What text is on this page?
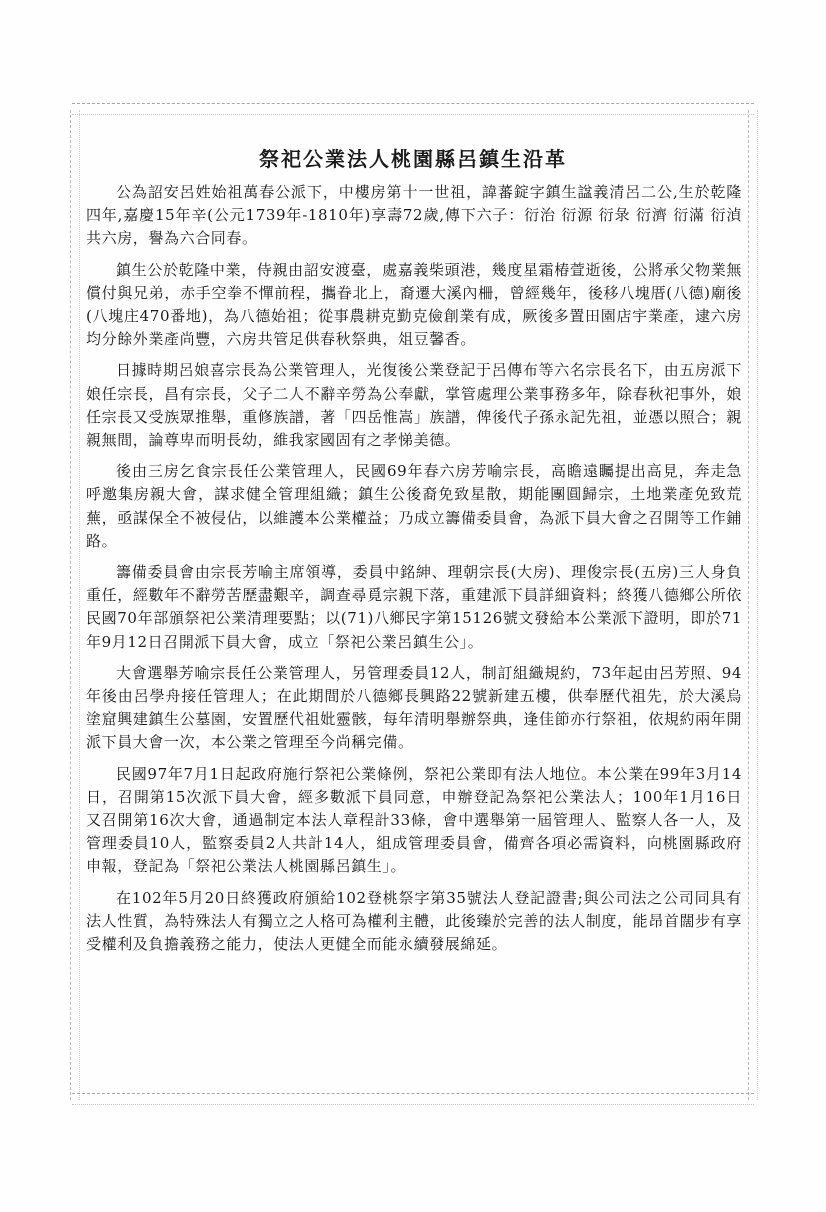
祭祀公業法人桃園縣呂鎮生沿革

公為詔安呂姓始祖萬春公派下，中樓房第十一世祖，諱蕃錠字鎮生諡義清呂二公,生於乾隆四年,嘉慶15年辛(公元1739年-1810年)享壽72歲,傳下六子：衍治 衍源 衍彔 衍濟 衍滿 衍湞共六房，譽為六合同春。

鎮生公於乾隆中業，侍親由詔安渡臺，處嘉義柴頭港，幾度星霜椿萱逝後，公將承父物業無償付與兄弟，赤手空拳不憚前程，攜眷北上，裔遷大溪內柵，曾經幾年，後移八塊厝(八德)廟後(八塊庄470番地)，為八德始祖；從事農耕克勤克儉創業有成，厥後多置田園店宇業產，逮六房均分餘外業產尚豐，六房共管足供春秋祭典，俎豆馨香。

日據時期呂娘喜宗長為公業管理人，光復後公業登記于呂傳布等六名宗長名下，由五房派下娘任宗長，昌有宗長，父子二人不辭辛勞為公奉獻，掌管處理公業事務多年，除春秋祀事外，娘任宗長又受族眾推舉，重修族譜，著「四岳惟嵩」族譜，俾後代子孫永記先祖，並憑以照合；親親無間，論尊卑而明長幼，維我家國固有之孝悌美德。

後由三房乞食宗長任公業管理人，民國69年春六房芳喻宗長，高瞻遠矚提出高見，奔走急呼邀集房親大會，謀求健全管理組織；鎮生公後裔免致星散，期能團圓歸宗，土地業產免致荒蕪，亟謀保全不被侵佔，以維護本公業權益；乃成立籌備委員會，為派下員大會之召開等工作鋪路。

籌備委員會由宗長芳喻主席領導，委員中銘紳、理朝宗長(大房)、理俊宗長(五房)三人身負重任，經數年不辭勞苦歷盡艱辛，調查尋覓宗親下落，重建派下員詳細資料；終獲八德鄉公所依民國70年部頒祭祀公業清理要點；以(71)八鄉民字第15126號文發給本公業派下證明，即於71年9月12日召開派下員大會，成立「祭祀公業呂鎮生公」。

大會選舉芳喻宗長任公業管理人，另管理委員12人，制訂組織規約，73年起由呂芳照、94年後由呂學舟接任管理人；在此期間於八德鄉長興路22號新建五樓，供奉歷代祖先，於大溪烏塗窟興建鎮生公墓園，安置歷代祖妣靈骸，每年清明舉辦祭典，逢佳節亦行祭祖，依規約兩年開派下員大會一次，本公業之管理至今尚稱完備。

民國97年7月1日起政府施行祭祀公業條例，祭祀公業即有法人地位。本公業在99年3月14日，召開第15次派下員大會，經多數派下員同意，申辦登記為祭祀公業法人；100年1月16日又召開第16次大會，通過制定本法人章程計33條，會中選舉第一屆管理人、監察人各一人，及管理委員10人，監察委員2人共計14人，組成管理委員會，備齊各項必需資料，向桃園縣政府申報，登記為「祭祀公業法人桃園縣呂鎮生」。

在102年5月20日終獲政府頒給102登桃祭字第35號法人登記證書;與公司法之公司同具有法人性質，為特殊法人有獨立之人格可為權利主體，此後臻於完善的法人制度，能昂首闊步有享受權利及負擔義務之能力，使法人更健全而能永續發展綿延。
